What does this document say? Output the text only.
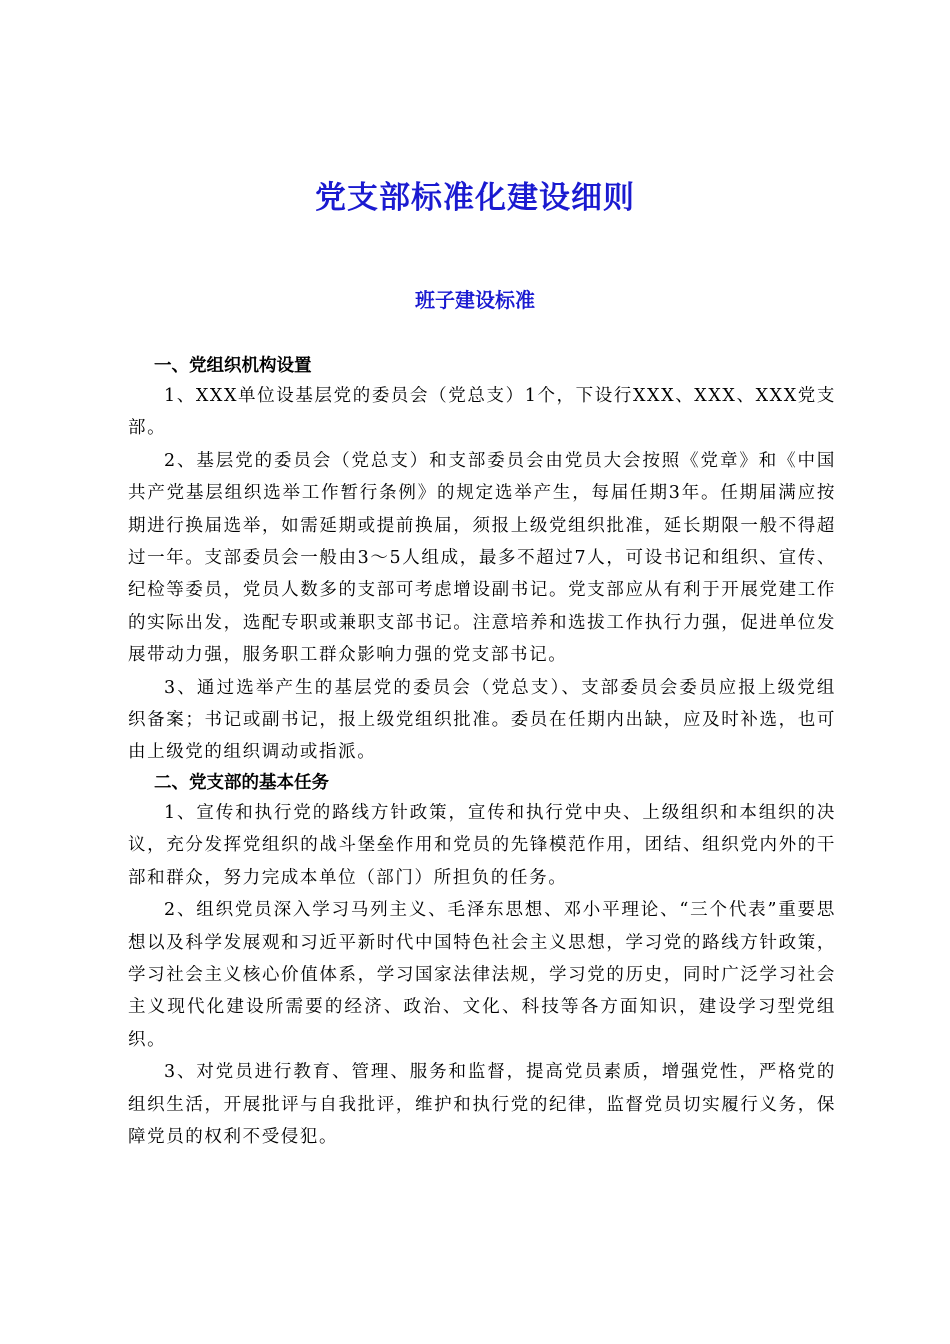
党支部标准化建设细则
班子建设标准
一、党组织机构设置

1、XXX单位设基层党的委员会（党总支）1个，下设行XXX、XXX、XXX党支部。

2、基层党的委员会（党总支）和支部委员会由党员大会按照《党章》和《中国共产党基层组织选举工作暂行条例》的规定选举产生，每届任期3年。任期届满应按期进行换届选举，如需延期或提前换届，须报上级党组织批准，延长期限一般不得超过一年。支部委员会一般由3～5人组成，最多不超过7人，可设书记和组织、宣传、纪检等委员，党员人数多的支部可考虑增设副书记。党支部应从有利于开展党建工作的实际出发，选配专职或兼职支部书记。注意培养和选拔工作执行力强，促进单位发展带动力强，服务职工群众影响力强的党支部书记。

3、通过选举产生的基层党的委员会（党总支）、支部委员会委员应报上级党组织备案；书记或副书记，报上级党组织批准。委员在任期内出缺，应及时补选，也可由上级党的组织调动或指派。

二、党支部的基本任务

1、宣传和执行党的路线方针政策，宣传和执行党中央、上级组织和本组织的决议，充分发挥党组织的战斗堡垒作用和党员的先锋模范作用，团结、组织党内外的干部和群众，努力完成本单位（部门）所担负的任务。

2、组织党员深入学习马列主义、毛泽东思想、邓小平理论、“三个代表”重要思想以及科学发展观和习近平新时代中国特色社会主义思想，学习党的路线方针政策，学习社会主义核心价值体系，学习国家法律法规，学习党的历史，同时广泛学习社会主义现代化建设所需要的经济、政治、文化、科技等各方面知识，建设学习型党组织。

3、对党员进行教育、管理、服务和监督，提高党员素质，增强党性，严格党的组织生活，开展批评与自我批评，维护和执行党的纪律，监督党员切实履行义务，保障党员的权利不受侵犯。
